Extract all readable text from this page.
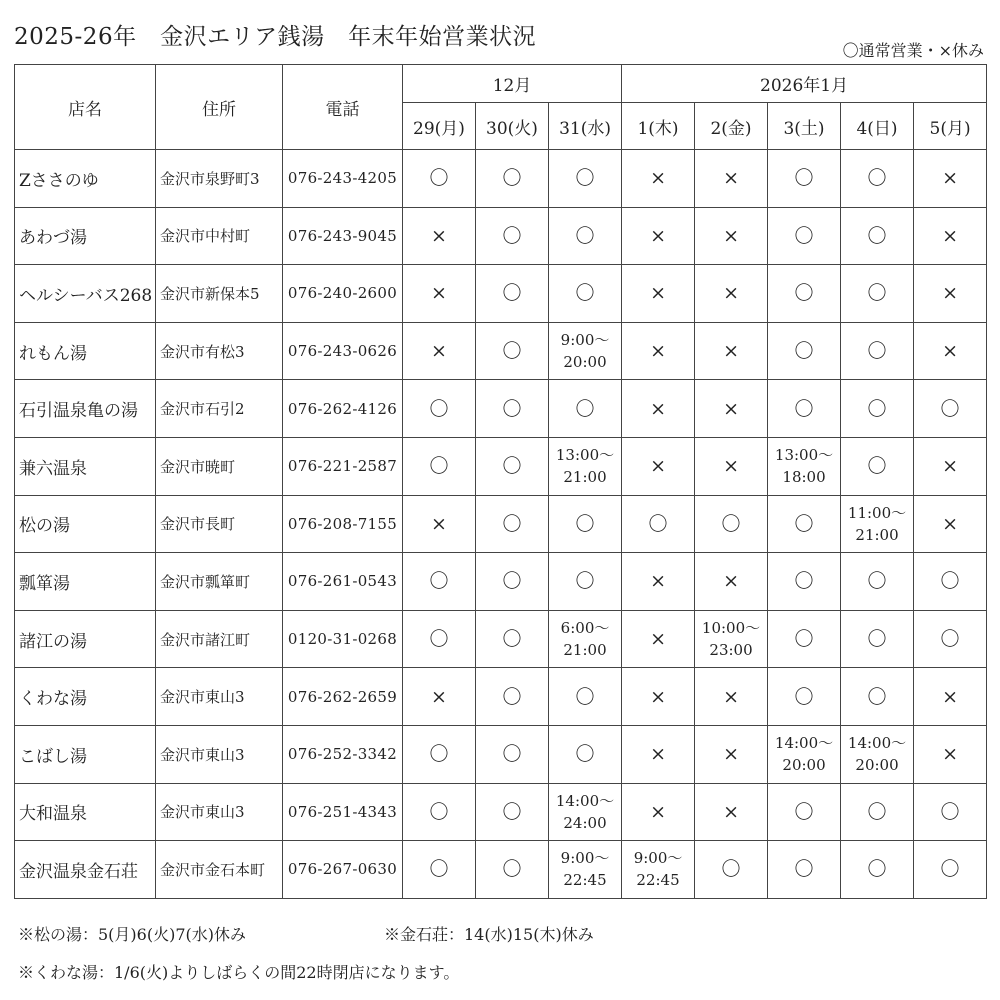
2025-26年　金沢エリア銭湯　年末年始営業状況
〇通常営業・×休み
店名	住所	電話	12月			2026年1月				
			29(月)	30(火)	31(水)	1(木)	2(金)	3(土)	4(日)	5(月)
Zささのゆ	金沢市泉野町3	076-243-4205	〇	〇	〇	×	×	〇	〇	×
あわづ湯	金沢市中村町	076-243-9045	×	〇	〇	×	×	〇	〇	×
ヘルシーバス268	金沢市新保本5	076-240-2600	×	〇	〇	×	×	〇	〇	×
れもん湯	金沢市有松3	076-243-0626	×	〇	9:00～
20:00	×	×	〇	〇	×
石引温泉亀の湯	金沢市石引2	076-262-4126	〇	〇	〇	×	×	〇	〇	〇
兼六温泉	金沢市暁町	076-221-2587	〇	〇	13:00～
21:00	×	×	13:00～
18:00	〇	×
松の湯	金沢市長町	076-208-7155	×	〇	〇	〇	〇	〇	11:00～
21:00	×
瓢箪湯	金沢市瓢箪町	076-261-0543	〇	〇	〇	×	×	〇	〇	〇
諸江の湯	金沢市諸江町	0120-31-0268	〇	〇	6:00～
21:00	×	10:00～
23:00	〇	〇	〇
くわな湯	金沢市東山3	076-262-2659	×	〇	〇	×	×	〇	〇	×
こばし湯	金沢市東山3	076-252-3342	〇	〇	〇	×	×	14:00～
20:00	14:00～
20:00	×
大和温泉	金沢市東山3	076-251-4343	〇	〇	14:00～
24:00	×	×	〇	〇	〇
金沢温泉金石荘	金沢市金石本町	076-267-0630	〇	〇	9:00～
22:45	9:00～
22:45	〇	〇	〇	〇
※松の湯：5(月)6(火)7(水)休み	※金石荘：14(水)15(木)休み
※くわな湯：1/6(火)よりしばらくの間22時閉店になります。
